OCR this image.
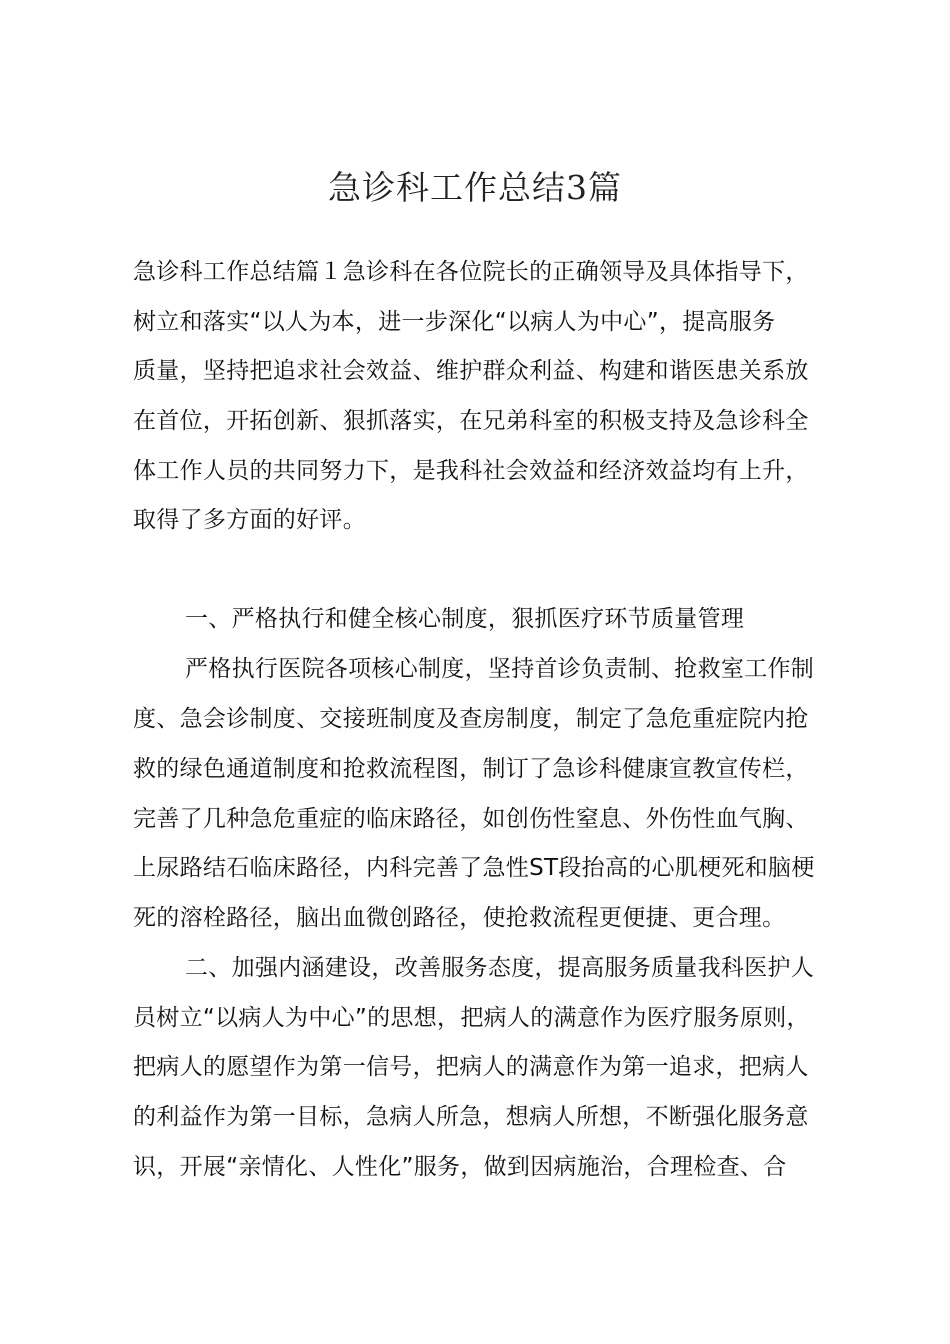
急诊科工作总结3篇
急诊科工作总结篇１急诊科在各位院长的正确领导及具体指导下，
树立和落实“以人为本，进一步深化“以病人为中心”，提高服务
质量，坚持把追求社会效益、维护群众利益、构建和谐医患关系放
在首位，开拓创新、狠抓落实，在兄弟科室的积极支持及急诊科全
体工作人员的共同努力下，是我科社会效益和经济效益均有上升，
取得了多方面的好评。
一、严格执行和健全核心制度，狠抓医疗环节质量管理
严格执行医院各项核心制度，坚持首诊负责制、抢救室工作制
度、急会诊制度、交接班制度及查房制度，制定了急危重症院内抢
救的绿色通道制度和抢救流程图，制订了急诊科健康宣教宣传栏，
完善了几种急危重症的临床路径，如创伤性窒息、外伤性血气胸、
上尿路结石临床路径，内科完善了急性ST段抬高的心肌梗死和脑梗
死的溶栓路径，脑出血微创路径，使抢救流程更便捷、更合理。
二、加强内涵建设，改善服务态度，提高服务质量我科医护人
员树立“以病人为中心”的思想，把病人的满意作为医疗服务原则，
把病人的愿望作为第一信号，把病人的满意作为第一追求，把病人
的利益作为第一目标，急病人所急，想病人所想，不断强化服务意
识，开展“亲情化、人性化”服务，做到因病施治，合理检查、合
